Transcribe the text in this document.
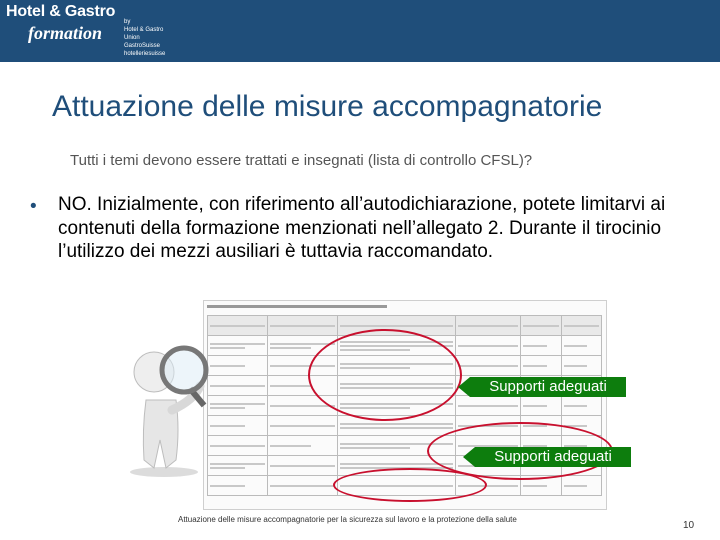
Hotel & Gastro
formation
by
Hotel & Gastro Union
GastroSuisse
hotelleriesuisse
Attuazione delle misure accompagnatorie
Tutti i temi devono essere trattati e insegnati (lista di controllo CFSL)?
• NO. Inizialmente, con riferimento all’autodichiarazione, potete limitarvi ai contenuti della formazione menzionati nell’allegato 2. Durante il tirocinio l’utilizzo dei mezzi ausiliari è tuttavia raccomandato.

Supporti adeguati
Supporti adeguati
Attuazione delle misure accompagnatorie per la sicurezza sul lavoro e la protezione della salute
10
